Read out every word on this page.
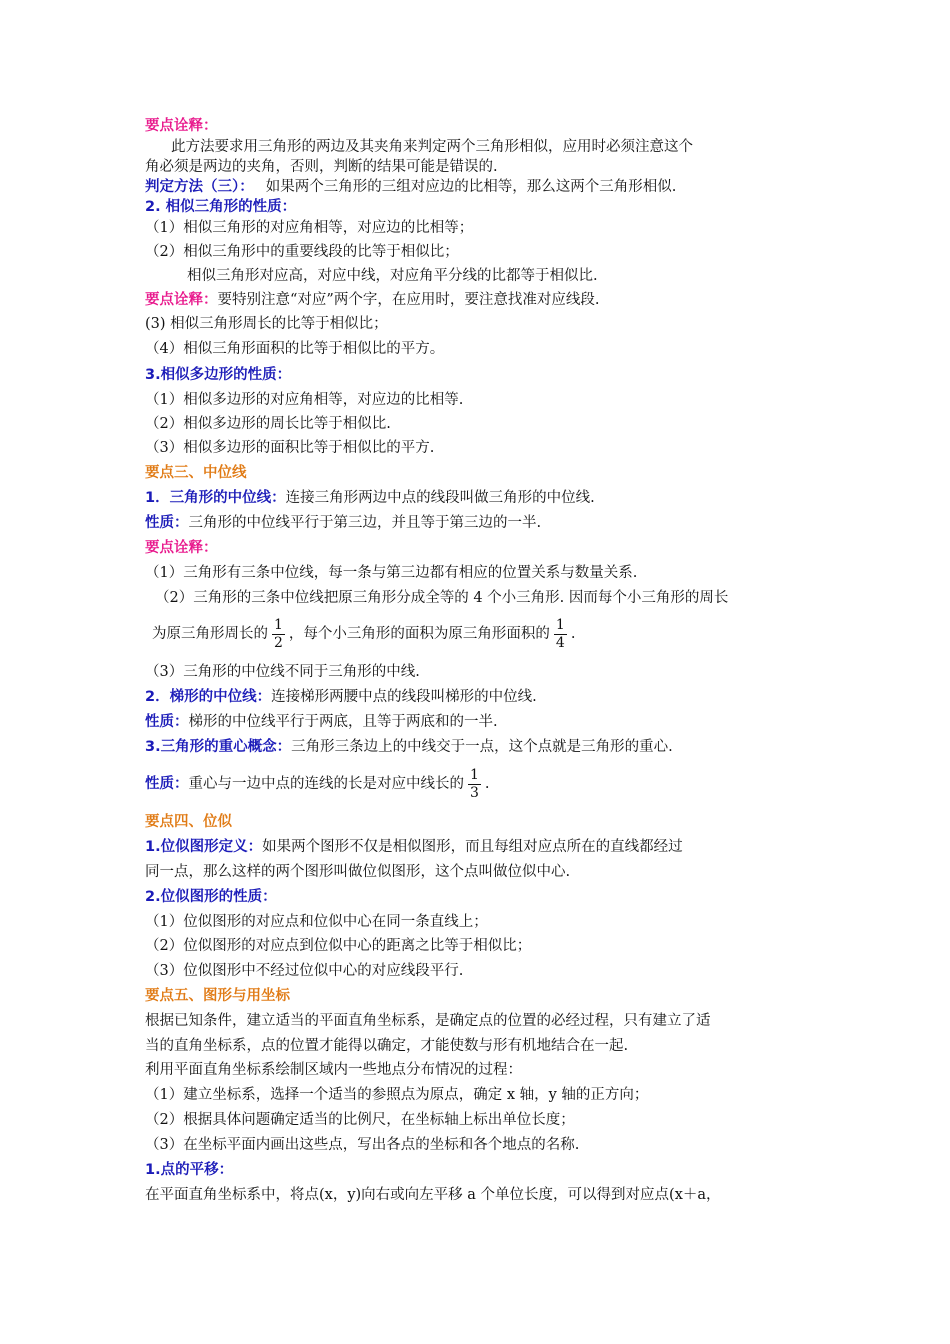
要点诠释：
此方法要求用三角形的两边及其夹角来判定两个三角形相似，应用时必须注意这个
角必须是两边的夹角，否则，判断的结果可能是错误的.
判定方法（三）： 如果两个三角形的三组对应边的比相等，那么这两个三角形相似.
2. 相似三角形的性质：
（1）相似三角形的对应角相等，对应边的比相等；
（2）相似三角形中的重要线段的比等于相似比；
相似三角形对应高，对应中线，对应角平分线的比都等于相似比.
要点诠释：要特别注意“对应”两个字，在应用时，要注意找准对应线段.
(3) 相似三角形周长的比等于相似比；
（4）相似三角形面积的比等于相似比的平方。
3.相似多边形的性质：
（1）相似多边形的对应角相等，对应边的比相等.
（2）相似多边形的周长比等于相似比.
（3）相似多边形的面积比等于相似比的平方.
要点三、中位线
1．三角形的中位线：连接三角形两边中点的线段叫做三角形的中位线.
性质：三角形的中位线平行于第三边，并且等于第三边的一半.
要点诠释：
（1）三角形有三条中位线，每一条与第三边都有相应的位置关系与数量关系.
（2）三角形的三条中位线把原三角形分成全等的 4 个小三角形. 因而每个小三角形的周长
为原三角形周长的 $\frac{1}{2}$ ，每个小三角形的面积为原三角形面积的 $\frac{1}{4}$ .
（3）三角形的中位线不同于三角形的中线.
2．梯形的中位线：连接梯形两腰中点的线段叫梯形的中位线.
性质：梯形的中位线平行于两底，且等于两底和的一半.
3.三角形的重心概念：三角形三条边上的中线交于一点，这个点就是三角形的重心.
性质：重心与一边中点的连线的长是对应中线长的 $\frac{1}{3}$ .
要点四、位似
1.位似图形定义：如果两个图形不仅是相似图形，而且每组对应点所在的直线都经过
同一点，那么这样的两个图形叫做位似图形，这个点叫做位似中心.
2.位似图形的性质：
（1）位似图形的对应点和位似中心在同一条直线上；
（2）位似图形的对应点到位似中心的距离之比等于相似比；
（3）位似图形中不经过位似中心的对应线段平行.
要点五、图形与用坐标
根据已知条件，建立适当的平面直角坐标系，是确定点的位置的必经过程，只有建立了适
当的直角坐标系，点的位置才能得以确定，才能使数与形有机地结合在一起.
利用平面直角坐标系绘制区域内一些地点分布情况的过程：
（1）建立坐标系，选择一个适当的参照点为原点，确定 x 轴，y 轴的正方向；
（2）根据具体问题确定适当的比例尺，在坐标轴上标出单位长度；
（3）在坐标平面内画出这些点，写出各点的坐标和各个地点的名称.
1.点的平移：
在平面直角坐标系中，将点(x，y)向右或向左平移 a 个单位长度，可以得到对应点(x＋a，
